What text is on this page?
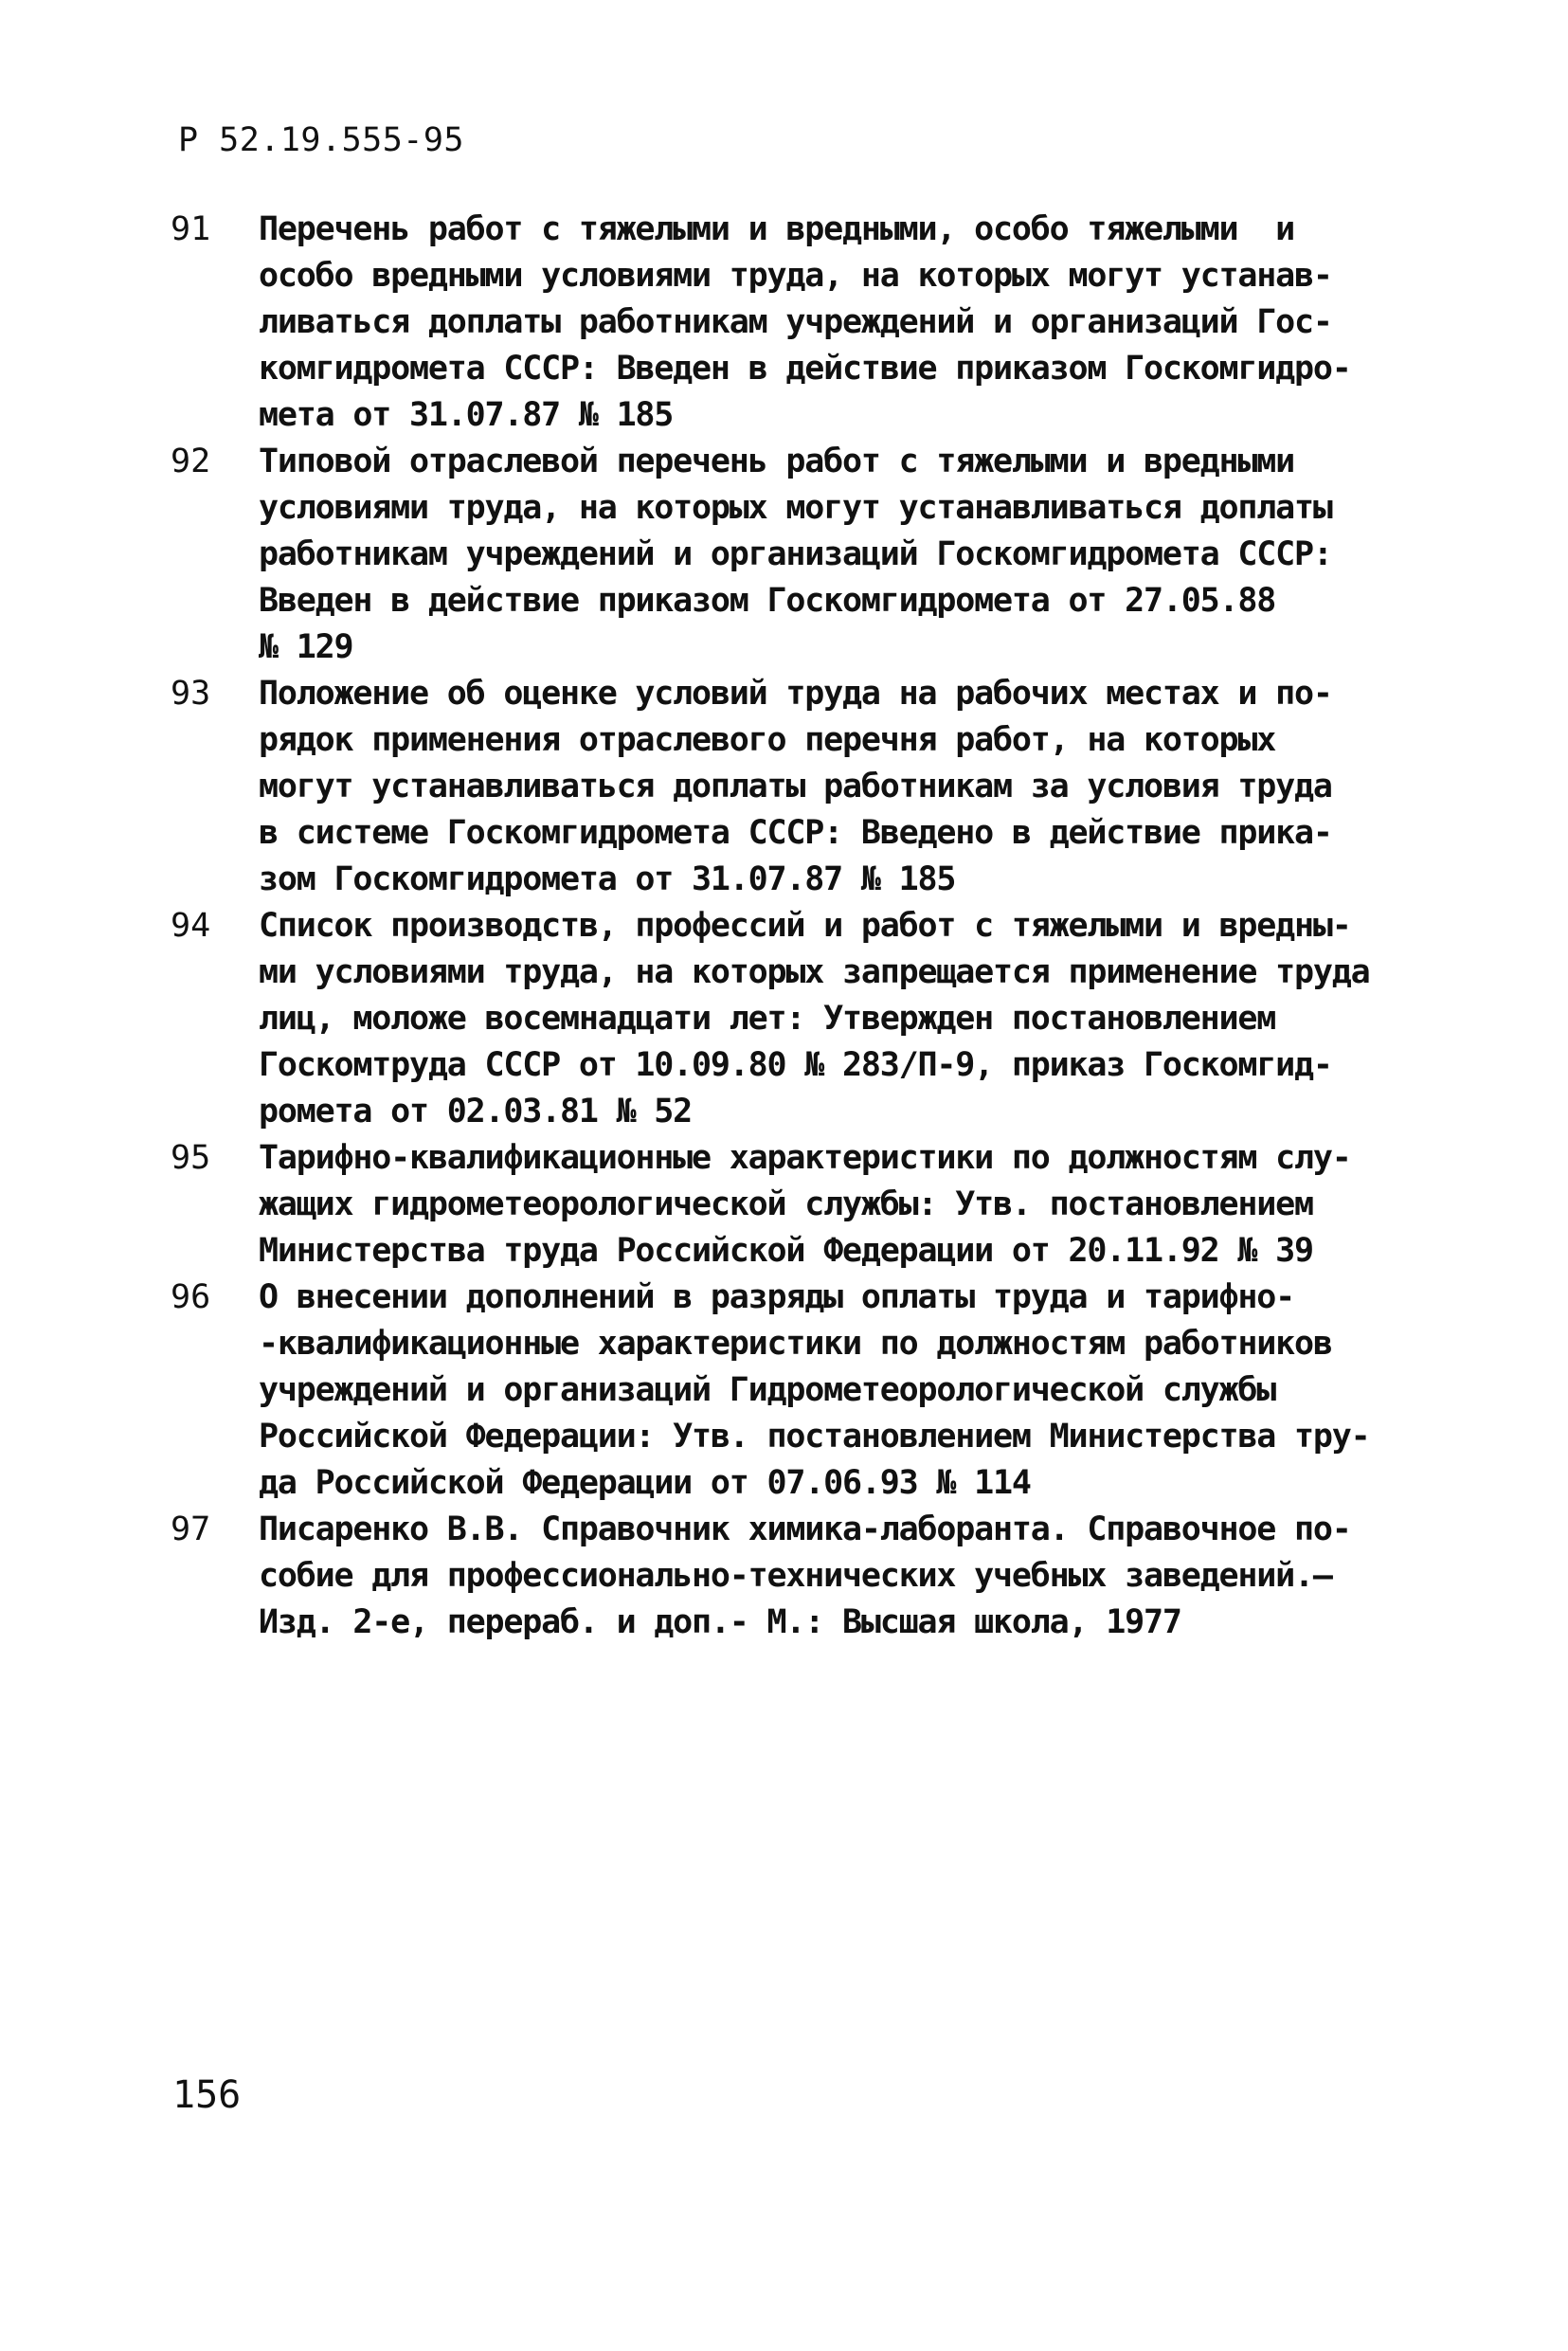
Р 52.19.555-95
91	Перечень работ с тяжелыми и вредными, особо тяжелыми  и
особо вредными условиями труда, на которых могут устанав-
ливаться доплаты работникам учреждений и организаций Гос-
комгидромета СССР: Введен в действие приказом Госкомгидро-
мета от 31.07.87 № 185
92	Типовой отраслевой перечень работ с тяжелыми и вредными
условиями труда, на которых могут устанавливаться доплаты
работникам учреждений и организаций Госкомгидромета СССР:
Введен в действие приказом Госкомгидромета от 27.05.88
№ 129
93	Положение об оценке условий труда на рабочих местах и по-
рядок применения отраслевого перечня работ, на которых
могут устанавливаться доплаты работникам за условия труда
в системе Госкомгидромета СССР: Введено в действие прика-
зом Госкомгидромета от 31.07.87 № 185
94	Список производств, профессий и работ с тяжелыми и вредны-
ми условиями труда, на которых запрещается применение труда
лиц, моложе восемнадцати лет: Утвержден постановлением
Госкомтруда СССР от 10.09.80 № 283/П-9, приказ Госкомгид-
ромета от 02.03.81 № 52
95	Тарифно-квалификационные характеристики по должностям слу-
жащих гидрометеорологической службы: Утв. постановлением
Министерства труда Российской Федерации от 20.11.92 № 39
96	О внесении дополнений в разряды оплаты труда и тарифно-
-квалификационные характеристики по должностям работников
учреждений и организаций Гидрометеорологической службы
Российской Федерации: Утв. постановлением Министерства тру-
да Российской Федерации от 07.06.93 № 114
97	Писаренко В.В. Справочник химика-лаборанта. Справочное по-
собие для профессионально-технических учебных заведений.—
Изд. 2-е, перераб. и доп.- М.: Высшая школа, 1977
156
